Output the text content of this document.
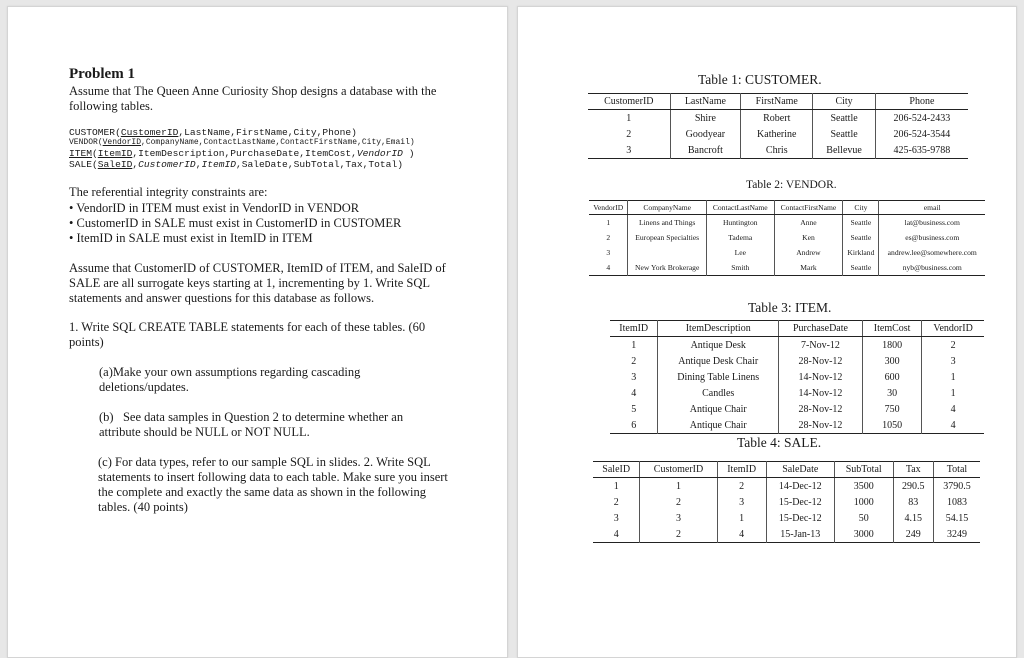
Problem 1
Assume that The Queen Anne Curiosity Shop designs a database with the following tables.
CUSTOMER(CustomerID,LastName,FirstName,City,Phone)
VENDOR(VendorID,CompanyName,ContactLastName,ContactFirstName,City,Email)
ITEM(ItemID,ItemDescription,PurchaseDate,ItemCost,VendorID )
SALE(SaleID,CustomerID,ItemID,SaleDate,SubTotal,Tax,Total)
The referential integrity constraints are:

• VendorID in ITEM must exist in VendorID in VENDOR

• CustomerID in SALE must exist in CustomerID in CUSTOMER

• ItemID in SALE must exist in ItemID in ITEM

Assume that CustomerID of CUSTOMER, ItemID of ITEM, and SaleID of SALE are all surrogate keys starting at 1, incrementing by 1. Write SQL statements and answer questions for this database as follows.
1. Write SQL CREATE TABLE statements for each of these tables. (60 points)
(a)Make your own assumptions regarding cascading deletions/updates.
(b)   See data samples in Question 2 to determine whether an attribute should be NULL or NOT NULL.
(c) For data types, refer to our sample SQL in slides. 2. Write SQL statements to insert following data to each table. Make sure you insert the complete and exactly the same data as shown in the following tables. (40 points)
Table 1: CUSTOMER.
CustomerID	LastName	FirstName	City	Phone
1	Shire	Robert	Seattle	206-524-2433
2	Goodyear	Katherine	Seattle	206-524-3544
3	Bancroft	Chris	Bellevue	425-635-9788
Table 2: VENDOR.
VendorID	CompanyName	ContactLastName	ContactFirstName	City	email
1	Linens and Things	Huntington	Anne	Seattle	lat@business.com
2	European Specialties	Tadema	Ken	Seattle	es@business.com
3		Lee	Andrew	Kirkland	andrew.lee@somewhere.com
4	New York Brokerage	Smith	Mark	Seattle	nyb@business.com
Table 3: ITEM.
ItemID	ItemDescription	PurchaseDate	ItemCost	VendorID
1	Antique Desk	7-Nov-12	1800	2
2	Antique Desk Chair	28-Nov-12	300	3
3	Dining Table Linens	14-Nov-12	600	1
4	Candles	14-Nov-12	30	1
5	Antique Chair	28-Nov-12	750	4
6	Antique Chair	28-Nov-12	1050	4
Table 4: SALE.
SaleID	CustomerID	ItemID	SaleDate	SubTotal	Tax	Total
1	1	2	14-Dec-12	3500	290.5	3790.5
2	2	3	15-Dec-12	1000	83	1083
3	3	1	15-Dec-12	50	4.15	54.15
4	2	4	15-Jan-13	3000	249	3249
